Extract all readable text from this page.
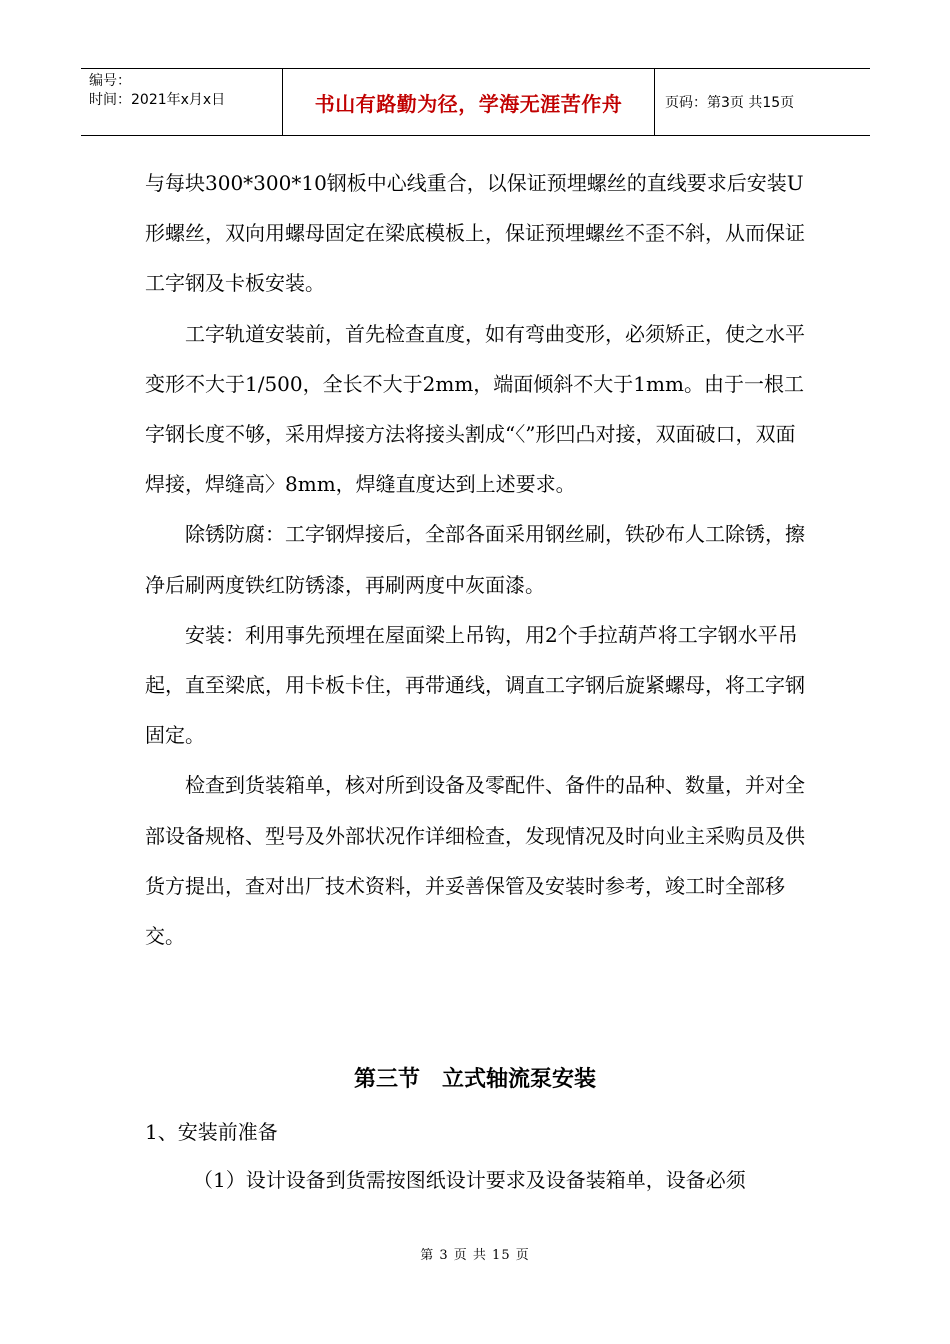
编号：
时间：2021年x月x日	书山有路勤为径，学海无涯苦作舟	页码：第3页 共15页

与每块300*300*10钢板中心线重合，以保证预埋螺丝的直线要求后安装U形螺丝，双向用螺母固定在梁底模板上，保证预埋螺丝不歪不斜，从而保证工字钢及卡板安装。

工字轨道安装前，首先检查直度，如有弯曲变形，必须矫正，使之水平变形不大于1/500，全长不大于2mm，端面倾斜不大于1mm。由于一根工字钢长度不够，采用焊接方法将接头割成“〈”形凹凸对接，双面破口，双面焊接，焊缝高〉8mm，焊缝直度达到上述要求。

除锈防腐：工字钢焊接后，全部各面采用钢丝刷，铁砂布人工除锈，擦净后刷两度铁红防锈漆，再刷两度中灰面漆。

安装：利用事先预埋在屋面梁上吊钩，用2个手拉葫芦将工字钢水平吊起，直至梁底，用卡板卡住，再带通线，调直工字钢后旋紧螺母，将工字钢固定。

检查到货装箱单，核对所到设备及零配件、备件的品种、数量，并对全部设备规格、型号及外部状况作详细检查，发现情况及时向业主采购员及供货方提出，查对出厂技术资料，并妥善保管及安装时参考，竣工时全部移交。

第三节　立式轴流泵安装
1、安装前准备
（1）设计设备到货需按图纸设计要求及设备装箱单，设备必须
第 3 页 共 15 页
